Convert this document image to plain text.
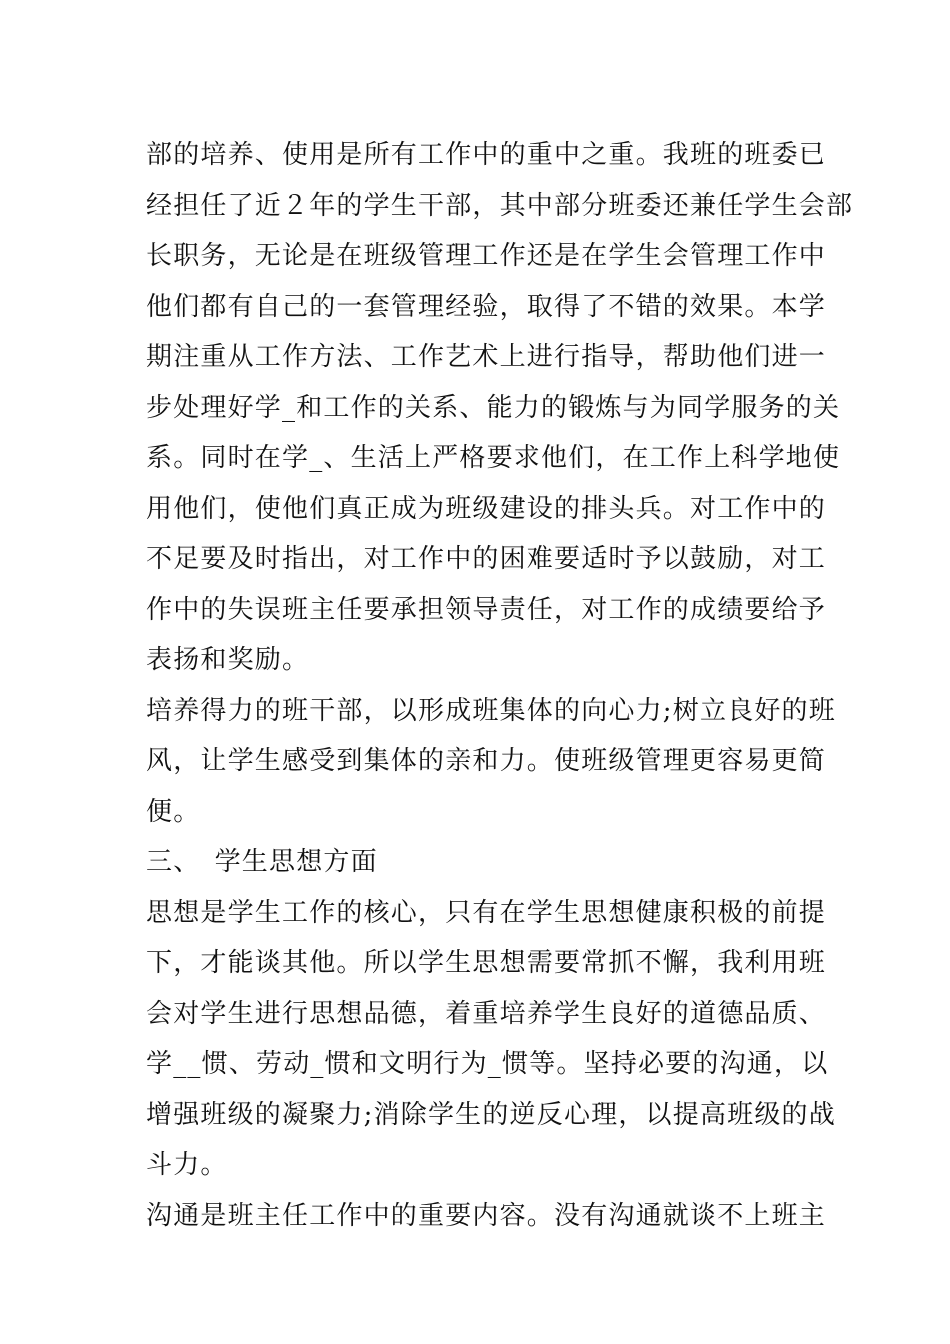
部的培养、使用是所有工作中的重中之重。我班的班委已
经担任了近２年的学生干部，其中部分班委还兼任学生会部
长职务，无论是在班级管理工作还是在学生会管理工作中
他们都有自己的一套管理经验，取得了不错的效果。本学
期注重从工作方法、工作艺术上进行指导，帮助他们进一
步处理好学_和工作的关系、能力的锻炼与为同学服务的关
系。同时在学_、生活上严格要求他们，在工作上科学地使
用他们，使他们真正成为班级建设的排头兵。对工作中的
不足要及时指出，对工作中的困难要适时予以鼓励，对工
作中的失误班主任要承担领导责任，对工作的成绩要给予
表扬和奖励。
培养得力的班干部，以形成班集体的向心力;树立良好的班
风，让学生感受到集体的亲和力。使班级管理更容易更简
便。
三、　学生思想方面
思想是学生工作的核心，只有在学生思想健康积极的前提
下，才能谈其他。所以学生思想需要常抓不懈，我利用班
会对学生进行思想品德，着重培养学生良好的道德品质、
学__惯、劳动_惯和文明行为_惯等。坚持必要的沟通，以
增强班级的凝聚力;消除学生的逆反心理，以提高班级的战
斗力。
沟通是班主任工作中的重要内容。没有沟通就谈不上班主
